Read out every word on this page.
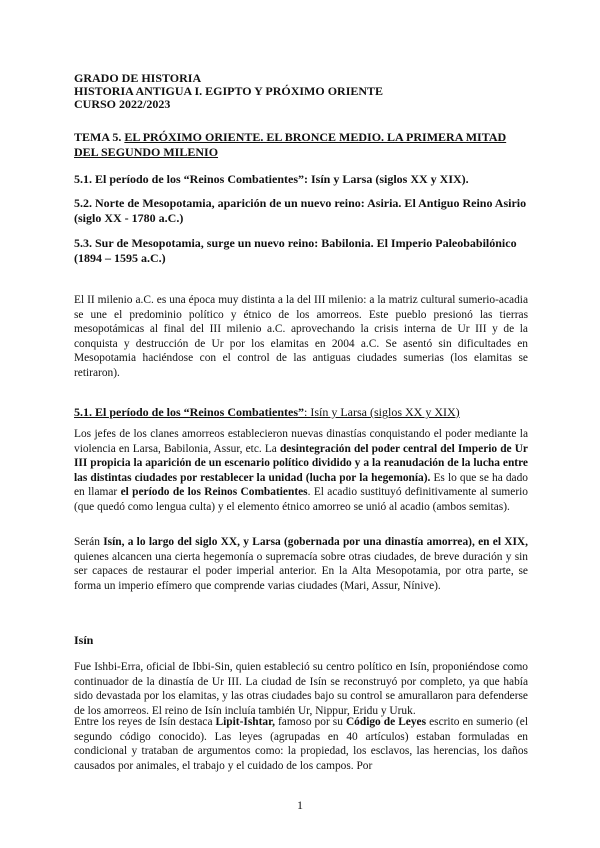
GRADO DE HISTORIA
HISTORIA ANTIGUA I. EGIPTO Y PRÓXIMO ORIENTE
CURSO 2022/2023
TEMA 5. EL PRÓXIMO ORIENTE. EL BRONCE MEDIO. LA PRIMERA MITAD DEL SEGUNDO MILENIO
5.1. El período de los “Reinos Combatientes”: Isín y Larsa (siglos XX y XIX).
5.2. Norte de Mesopotamia, aparición de un nuevo reino: Asiria. El Antiguo Reino Asirio (siglo XX - 1780 a.C.)
5.3. Sur de Mesopotamia, surge un nuevo reino: Babilonia. El Imperio Paleobabilónico (1894 – 1595 a.C.)

El II milenio a.C. es una época muy distinta a la del III milenio: a la matriz cultural sumerio-acadia se une el predominio político y étnico de los amorreos. Este pueblo presionó las tierras mesopotámicas al final del III milenio a.C. aprovechando la crisis interna de Ur III y de la conquista y destrucción de Ur por los elamitas en 2004 a.C. Se asentó sin dificultades en Mesopotamia haciéndose con el control de las antiguas ciudades sumerias (los elamitas se retiraron).

5.1. El período de los “Reinos Combatientes”: Isín y Larsa (siglos XX y XIX)

Los jefes de los clanes amorreos establecieron nuevas dinastías conquistando el poder mediante la violencia en Larsa, Babilonia, Assur, etc. La desintegración del poder central del Imperio de Ur III propicia la aparición de un escenario político dividido y a la reanudación de la lucha entre las distintas ciudades por restablecer la unidad (lucha por la hegemonía). Es lo que se ha dado en llamar el período de los Reinos Combatientes. El acadio sustituyó definitivamente al sumerio (que quedó como lengua culta) y el elemento étnico amorreo se unió al acadio (ambos semitas).

Serán Isín, a lo largo del siglo XX, y Larsa (gobernada por una dinastía amorrea), en el XIX, quienes alcancen una cierta hegemonía o supremacía sobre otras ciudades, de breve duración y sin ser capaces de restaurar el poder imperial anterior. En la Alta Mesopotamia, por otra parte, se forma un imperio efímero que comprende varias ciudades (Mari, Assur, Nínive).

Isín

Fue Ishbi-Erra, oficial de Ibbi-Sin, quien estableció su centro político en Isín, proponiéndose como continuador de la dinastía de Ur III. La ciudad de Isín se reconstruyó por completo, ya que había sido devastada por los elamitas, y las otras ciudades bajo su control se amurallaron para defenderse de los amorreos. El reino de Isín incluía también Ur, Nippur, Eridu y Uruk.

Entre los reyes de Isín destaca Lipit-Ishtar, famoso por su Código de Leyes escrito en sumerio (el segundo código conocido). Las leyes (agrupadas en 40 artículos) estaban formuladas en condicional y trataban de argumentos como: la propiedad, los esclavos, las herencias, los daños causados por animales, el trabajo y el cuidado de los campos. Por

1
